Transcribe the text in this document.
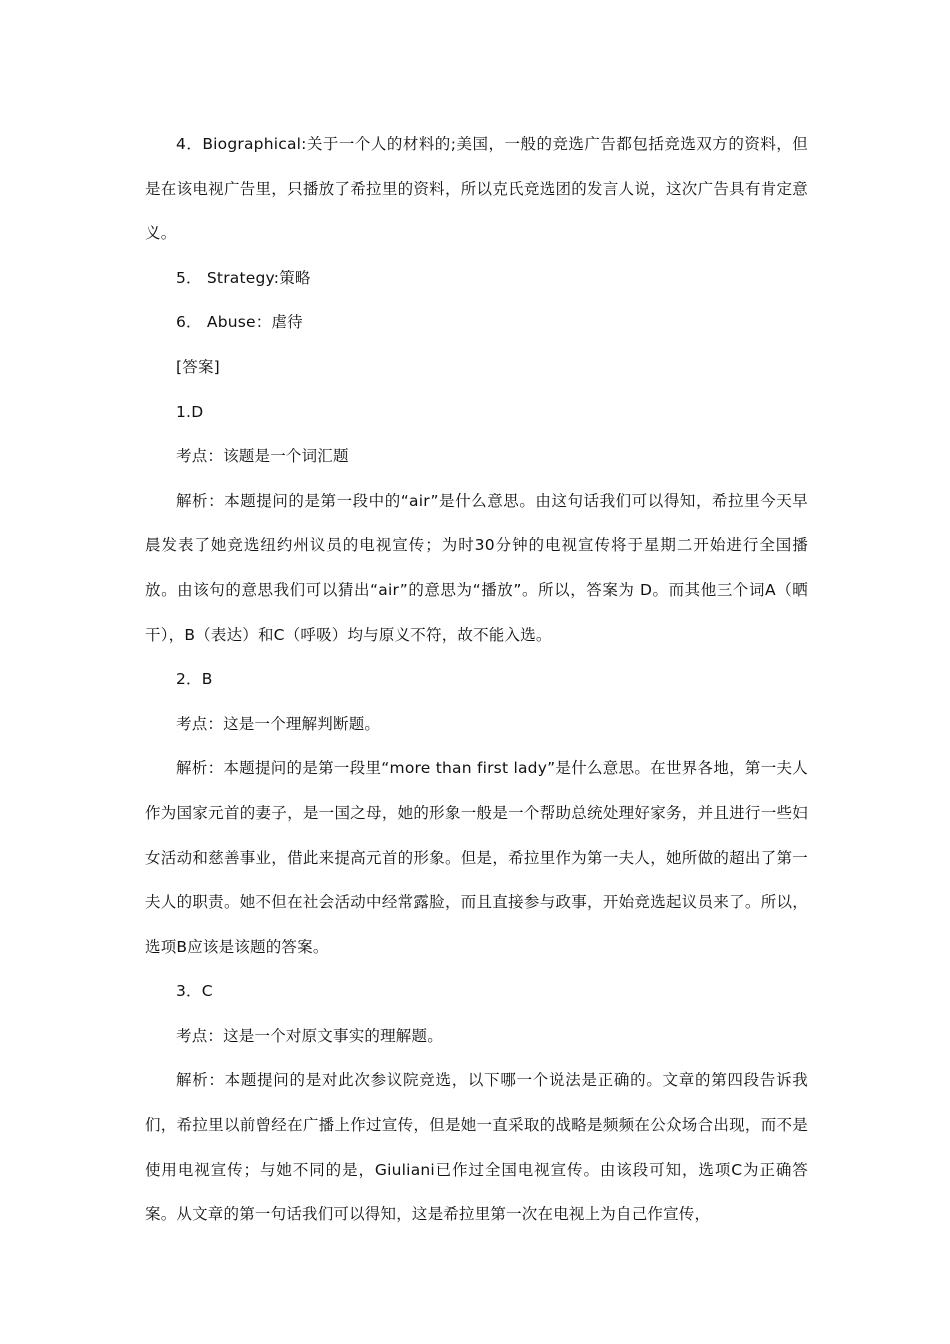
4．Biographical:关于一个人的材料的;美国，一般的竞选广告都包括竞选双方的资料，但是在该电视广告里，只播放了希拉里的资料，所以克氏竞选团的发言人说，这次广告具有肯定意义。

5． Strategy:策略

6． Abuse：虐待

[答案]

1.D

考点：该题是一个词汇题

解析：本题提问的是第一段中的“air”是什么意思。由这句话我们可以得知，希拉里今天早晨发表了她竞选纽约州议员的电视宣传；为时30分钟的电视宣传将于星期二开始进行全国播放。由该句的意思我们可以猜出“air”的意思为“播放”。所以，答案为 D。而其他三个词A（晒干），B（表达）和C（呼吸）均与原义不符，故不能入选。

2．B

考点：这是一个理解判断题。

解析：本题提问的是第一段里“more than first lady”是什么意思。在世界各地，第一夫人作为国家元首的妻子，是一国之母，她的形象一般是一个帮助总统处理好家务，并且进行一些妇女活动和慈善事业，借此来提高元首的形象。但是，希拉里作为第一夫人，她所做的超出了第一夫人的职责。她不但在社会活动中经常露脸，而且直接参与政事，开始竞选起议员来了。所以，选项B应该是该题的答案。

3．C

考点：这是一个对原文事实的理解题。

解析：本题提问的是对此次参议院竞选，以下哪一个说法是正确的。文章的第四段告诉我们，希拉里以前曾经在广播上作过宣传，但是她一直采取的战略是频频在公众场合出现，而不是使用电视宣传；与她不同的是，Giuliani已作过全国电视宣传。由该段可知，选项C为正确答案。从文章的第一句话我们可以得知，这是希拉里第一次在电视上为自己作宣传，
